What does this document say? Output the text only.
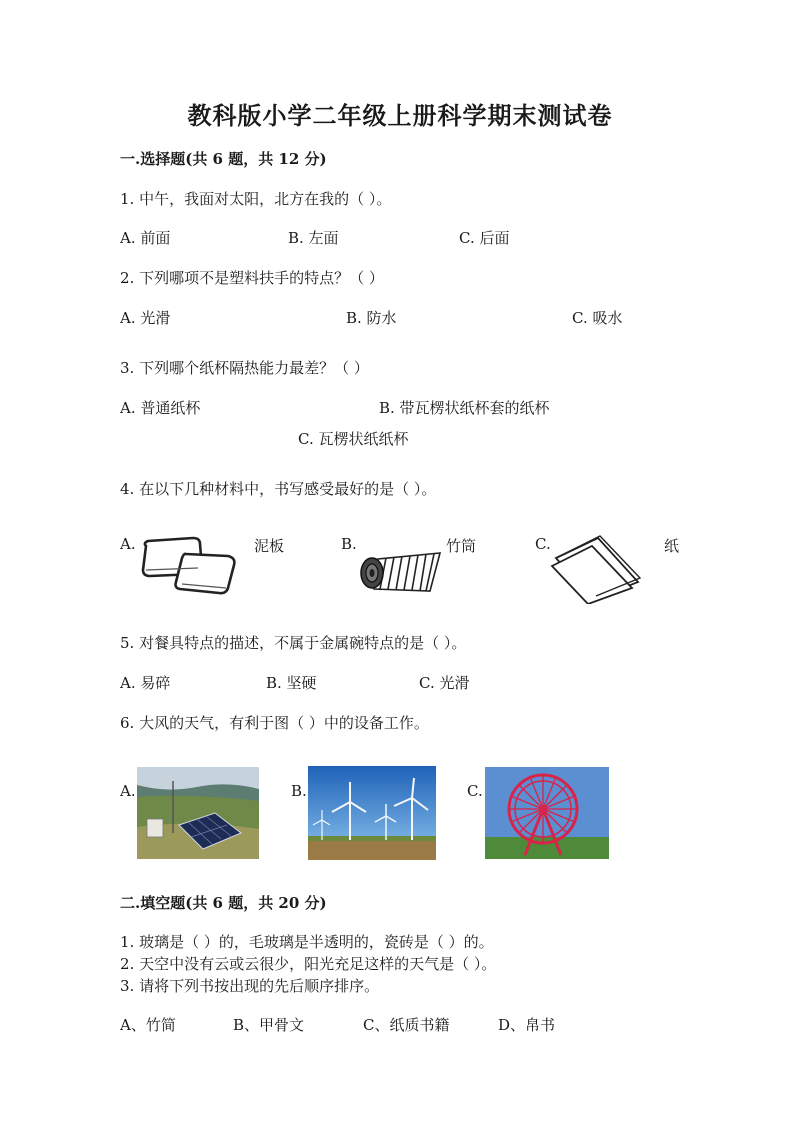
教科版小学二年级上册科学期末测试卷
一.选择题(共 6 题，共 12 分)
1. 中午，我面对太阳，北方在我的（ ）。
A. 前面	B. 左面	C. 后面
2. 下列哪项不是塑料扶手的特点？（ ）
A. 光滑	B. 防水	C. 吸水
3. 下列哪个纸杯隔热能力最差？（ ）
A. 普通纸杯	B. 带瓦楞状纸杯套的纸杯
C. 瓦楞状纸纸杯
4. 在以下几种材料中，书写感受最好的是（ ）。
A.	泥板	B.	竹筒	C.	纸
5. 对餐具特点的描述，不属于金属碗特点的是（ ）。
A. 易碎	B. 坚硬	C. 光滑
6. 大风的天气，有利于图（ ）中的设备工作。
A.	B.	C.
二.填空题(共 6 题，共 20 分)
1. 玻璃是（ ）的，毛玻璃是半透明的，瓷砖是（ ）的。
2. 天空中没有云或云很少，阳光充足这样的天气是（ ）。
3. 请将下列书按出现的先后顺序排序。
A、竹简	B、甲骨文	C、纸质书籍	D、帛书
